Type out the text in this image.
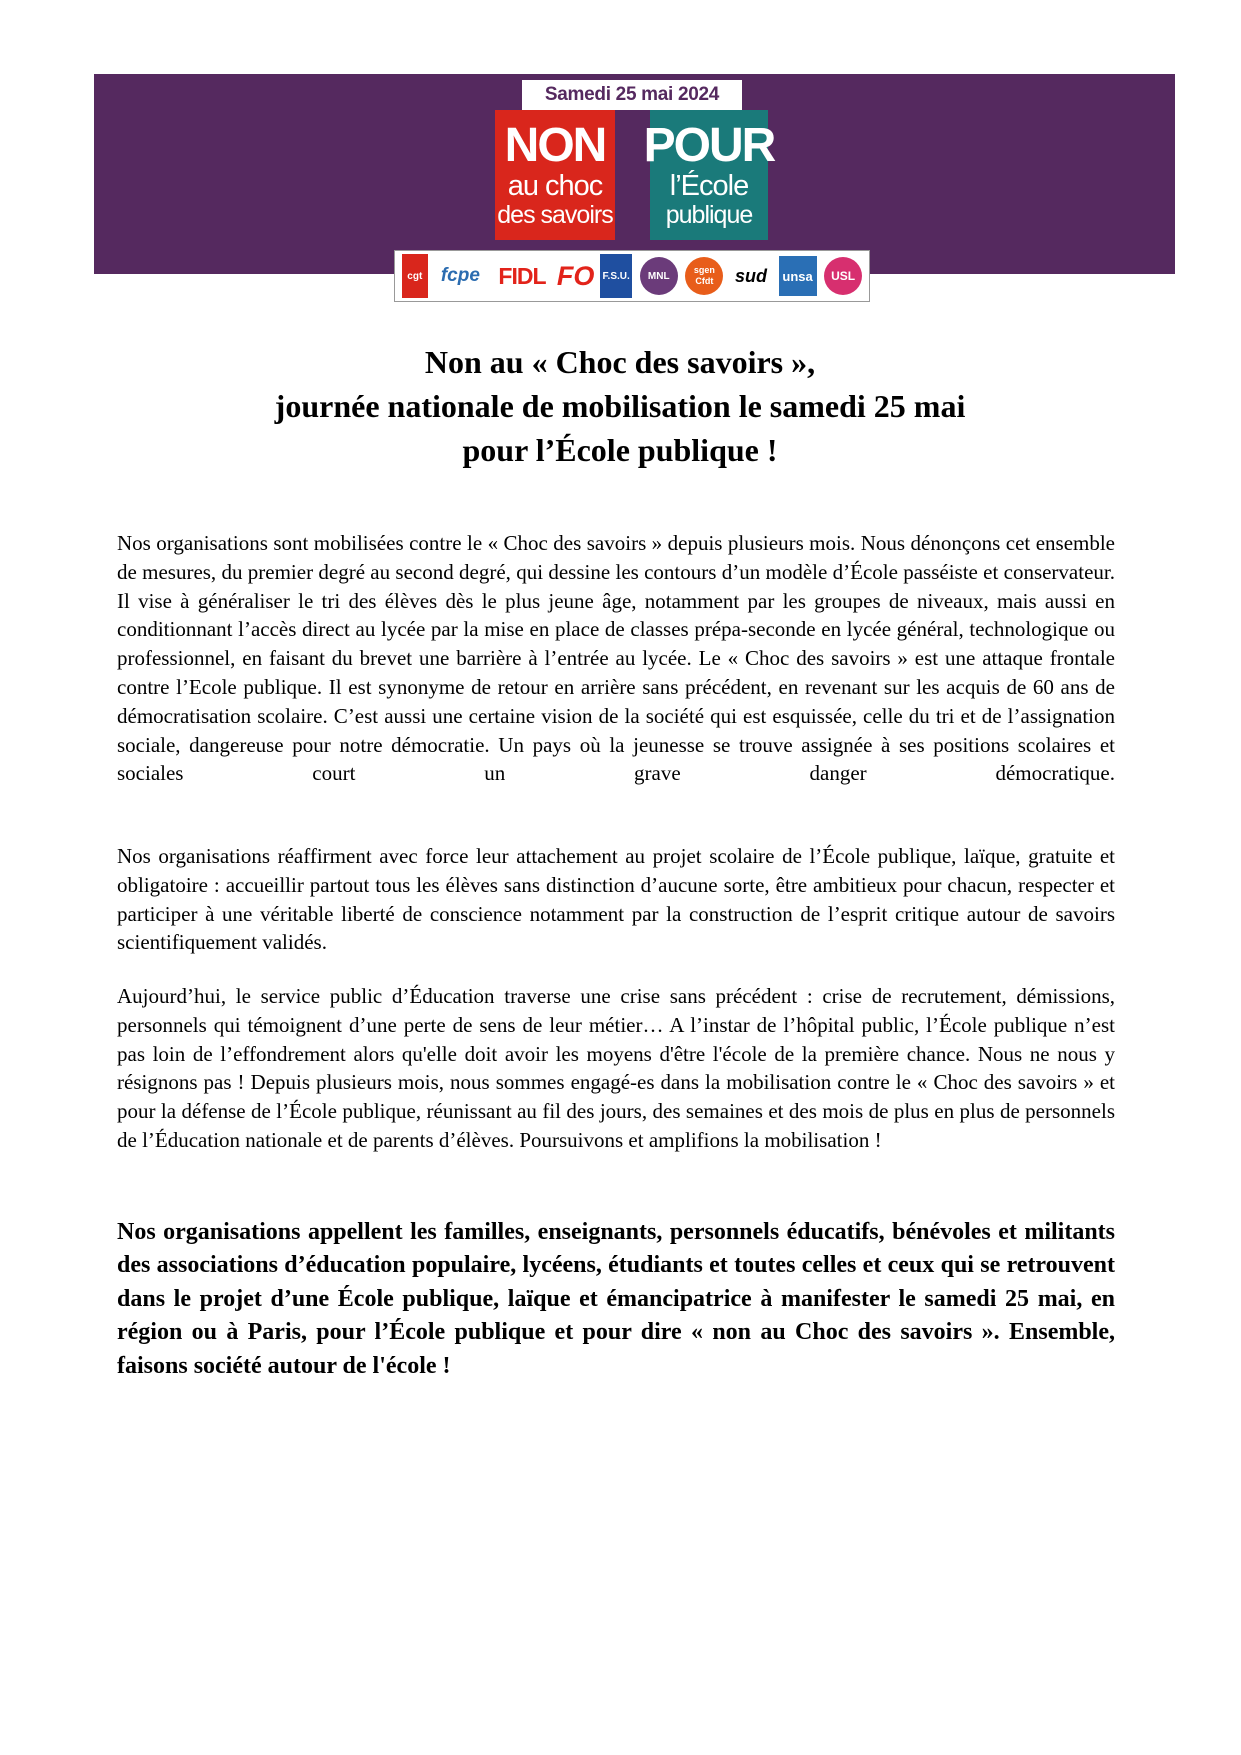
Samedi 25 mai 2024
NON
au choc
des savoirs
POUR
l’École
publique
cgt fcpe FIDL FO F.S.U.	MNL
sgen Cfdt	sud	unsa	USL
Non au « Choc des savoirs »,
journée nationale de mobilisation le samedi 25 mai
pour l’École publique !

Nos organisations sont mobilisées contre le « Choc des savoirs » depuis plusieurs mois. Nous dénonçons cet ensemble de mesures, du premier degré au second degré, qui dessine les contours d’un modèle d’École passéiste et conservateur. Il vise à généraliser le tri des élèves dès le plus jeune âge, notamment par les groupes de niveaux, mais aussi en conditionnant l’accès direct au lycée par la mise en place de classes prépa-seconde en lycée général, technologique ou professionnel, en faisant du brevet une barrière à l’entrée au lycée. Le « Choc des savoirs » est une attaque frontale contre l’Ecole publique. Il est synonyme de retour en arrière sans précédent, en revenant sur les acquis de 60 ans de démocratisation scolaire. C’est aussi une certaine vision de la société qui est esquissée, celle du tri et de l’assignation sociale, dangereuse pour notre démocratie. Un pays où la jeunesse se trouve assignée à ses positions scolaires et sociales court un grave danger démocratique.

Nos organisations réaffirment avec force leur attachement au projet scolaire de l’École publique, laïque, gratuite et obligatoire : accueillir partout tous les élèves sans distinction d’aucune sorte, être ambitieux pour chacun, respecter et participer à une véritable liberté de conscience notamment par la construction de l’esprit critique autour de savoirs scientifiquement validés.

Aujourd’hui, le service public d’Éducation traverse une crise sans précédent : crise de recrutement, démissions, personnels qui témoignent d’une perte de sens de leur métier… A l’instar de l’hôpital public, l’École publique n’est pas loin de l’effondrement alors qu'elle doit avoir les moyens d'être l'école de la première chance. Nous ne nous y résignons pas ! Depuis plusieurs mois, nous sommes engagé-es dans la mobilisation contre le « Choc des savoirs » et pour la défense de l’École publique, réunissant au fil des jours, des semaines et des mois de plus en plus de personnels de l’Éducation nationale et de parents d’élèves. Poursuivons et amplifions la mobilisation !

Nos organisations appellent les familles, enseignants, personnels éducatifs, bénévoles et militants des associations d’éducation populaire, lycéens, étudiants et toutes celles et ceux qui se retrouvent dans le projet d’une École publique, laïque et émancipatrice à manifester le samedi 25 mai, en région ou à Paris, pour l’École publique et pour dire « non au Choc des savoirs ». Ensemble, faisons société autour de l'école !
